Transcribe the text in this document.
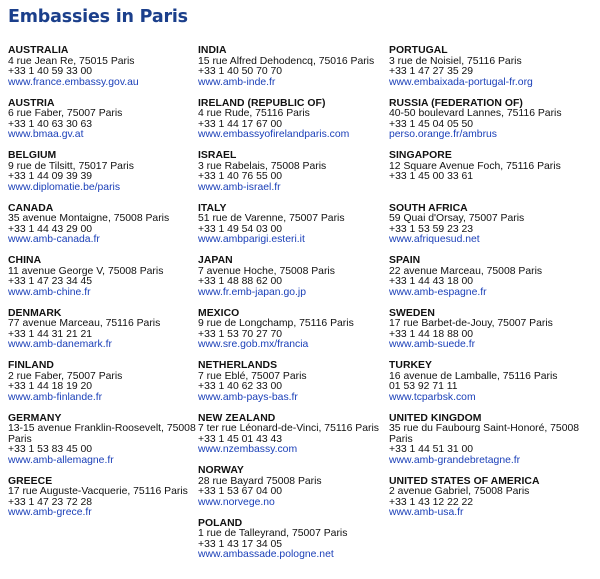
Embassies in Paris
AUSTRALIA
4 rue Jean Re, 75015 Paris
+33 1 40 59 33 00
www.france.embassy.gov.au
AUSTRIA
6 rue Faber, 75007 Paris
+33 1 40 63 30 63
www.bmaa.gv.at
BELGIUM
9 rue de Tilsitt, 75017 Paris
+33 1 44 09 39 39
www.diplomatie.be/paris
CANADA
35 avenue Montaigne, 75008 Paris
+33 1 44 43 29 00
www.amb-canada.fr
CHINA
11 avenue George V, 75008 Paris
+33 1 47 23 34 45
www.amb-chine.fr
DENMARK
77 avenue Marceau, 75116 Paris
+33 1 44 31 21 21
www.amb-danemark.fr
FINLAND
2 rue Faber, 75007 Paris
+33 1 44 18 19 20
www.amb-finlande.fr
GERMANY
13-15 avenue Franklin-Roosevelt, 75008 Paris
+33 1 53 83 45 00
www.amb-allemagne.fr
GREECE
17 rue Auguste-Vacquerie, 75116 Paris
+33 1 47 23 72 28
www.amb-grece.fr
INDIA
15 rue Alfred Dehodencq, 75016 Paris
+33 1 40 50 70 70
www.amb-inde.fr
IRELAND (REPUBLIC OF)
4 rue Rude, 75116 Paris
+33 1 44 17 67 00
www.embassyofirelandparis.com
ISRAEL
3 rue Rabelais, 75008 Paris
+33 1 40 76 55 00
www.amb-israel.fr
ITALY
51 rue de Varenne, 75007 Paris
+33 1 49 54 03 00
www.ambparigi.esteri.it
JAPAN
7 avenue Hoche, 75008 Paris
+33 1 48 88 62 00
www.fr.emb-japan.go.jp
MEXICO
9 rue de Longchamp, 75116 Paris
+33 1 53 70 27 70
www.sre.gob.mx/francia
NETHERLANDS
7 rue Eblé, 75007 Paris
+33 1 40 62 33 00
www.amb-pays-bas.fr
NEW ZEALAND
7 ter rue Léonard-de-Vinci, 75116 Paris
+33 1 45 01 43 43
www.nzembassy.com
NORWAY
28 rue Bayard 75008 Paris
+33 1 53 67 04 00
www.norvege.no
POLAND
1 rue de Talleyrand, 75007 Paris
+33 1 43 17 34 05
www.ambassade.pologne.net
PORTUGAL
3 rue de Noisiel, 75116 Paris
+33 1 47 27 35 29
www.embaixada-portugal-fr.org
RUSSIA (FEDERATION OF)
40-50 boulevard Lannes, 75116 Paris
+33 1 45 04 05 50
perso.orange.fr/ambrus
SINGAPORE
12 Square Avenue Foch, 75116 Paris
+33 1 45 00 33 61
SOUTH AFRICA
59 Quai d'Orsay, 75007 Paris
+33 1 53 59 23 23
www.afriquesud.net
SPAIN
22 avenue Marceau, 75008 Paris
+33 1 44 43 18 00
www.amb-espagne.fr
SWEDEN
17 rue Barbet-de-Jouy, 75007 Paris
+33 1 44 18 88 00
www.amb-suede.fr
TURKEY
16 avenue de Lamballe, 75116 Paris
01 53 92 71 11
www.tcparbsk.com
UNITED KINGDOM
35 rue du Faubourg Saint-Honoré, 75008 Paris
+33 1 44 51 31 00
www.amb-grandebretagne.fr
UNITED STATES OF AMERICA
2 avenue Gabriel, 75008 Paris
+33 1 43 12 22 22
www.amb-usa.fr
